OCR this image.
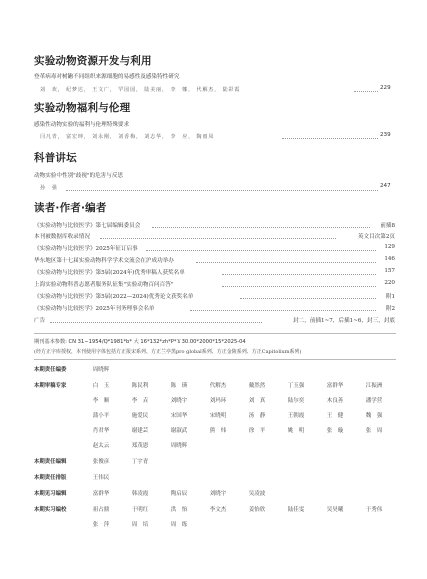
实验动物资源开发与利用
登革病毒对树鼩不同组织来源细胞的易感性及感染特性研究
刘　欢， 纪梦达， 王文广， 罕园园， 陆美丽， 李　娜， 代解杰， 陆彩霞	229
实验动物福利与伦理
感染性动物实验的福利与伦理特殊要求
闫凡青， 富宏坤， 刘永刚， 刘香梅， 刘志华， 李　应， 陶雨凤	239
科普讲坛
动物实验中性别"歧视"的危害与反思
孙　强	247
读者·作者·编者
《实验动物与比较医学》第七届编辑委员会	前插8
本刊被数据库收录情况	英文目次第2页
《实验动物与比较医学》2025年征订启事	129
华东地区第十七届实验动物科学学术交流会在沪成功举办	146
《实验动物与比较医学》第5届(2024年)优秀审稿人获奖名单	157
上海实验动物科普志愿者服务队征集"实验动物百问百答"	220
《实验动物与比较医学》第5届(2022—2024)优秀论文获奖名单	附1
《实验动物与比较医学》2025年刊务理事会名单	附2
广告	封二，前插1~7，后插1~6，封三，封底
期刊基本参数: CN 31−1954/Q*1981*b* 大 16*132*zh*P*￥30.00*2000*15*2025-04
(经方正字库授权，本刊使用字体包括方正报宋系列、方正兰亭黑pro global系列、方正金陵系列、方正Capitolium系列)
本期责任编委	周晓辉
本期审稿专家	白　玉	陈民利	陈　瑛	代解杰	戴然然	丁玉强	富群华	江振洲
李　顺	李　垚	刘晓宇	刘玛环	刘　真	陆尔奕	木良善	潘学营
蒲小平	施爱民	宋国华	宋晓明	汤　静	王朝霞	王　健	魏　强
肖君华	谢建芸	谢淑武	熊　炜	徐　平	姚　明	张　璇	张　周
赵太云	郑茂恩	周晓辉
本期责任编辑	张俊彦	丁宇青
本期责任排版	王伟民
本期见习编辑	富群华	韩凌霞	陶启辰	刘晓宇	吴凌波
本期实习编校	祖占鼎	于明红	洪　怡	李文杰	姜怡欣	陆佳雯	吴昊曦	于秀伟
张　萍	周　培	周　练
